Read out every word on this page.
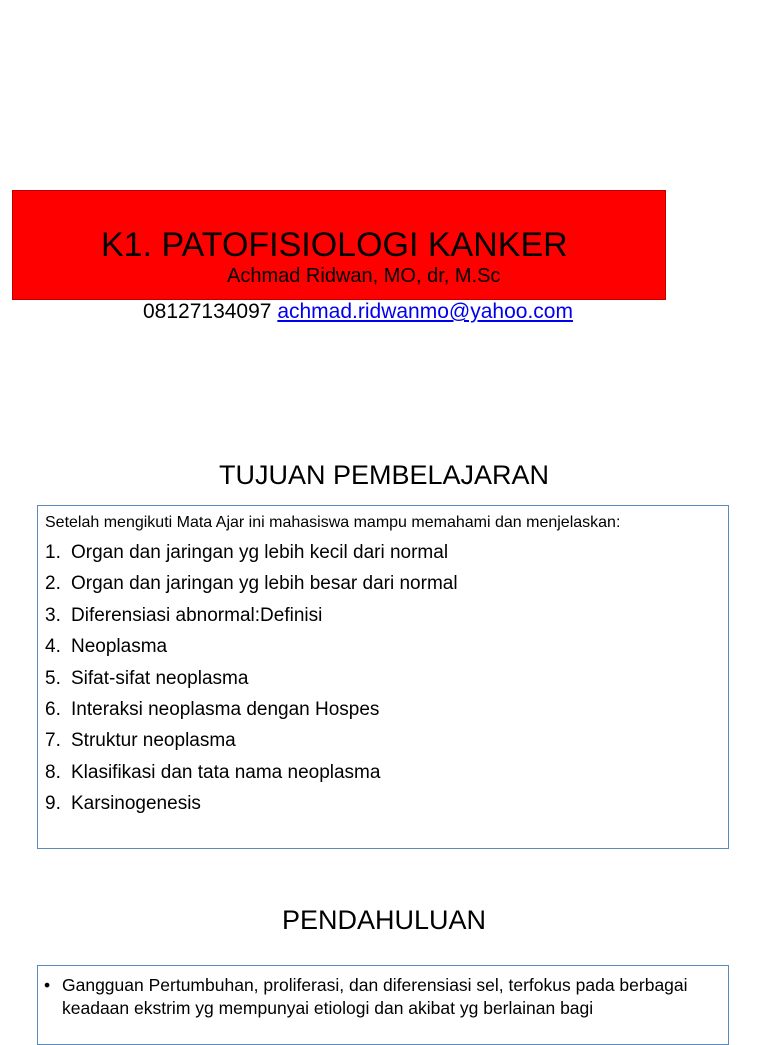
K1. PATOFISIOLOGI KANKER
Achmad Ridwan, MO, dr, M.Sc
08127134097 achmad.ridwanmo@yahoo.com
TUJUAN PEMBELAJARAN
Setelah mengikuti Mata Ajar ini mahasiswa mampu memahami dan menjelaskan:
1. Organ dan jaringan yg lebih kecil dari normal
2. Organ dan jaringan yg lebih besar dari normal
3. Diferensiasi abnormal:Definisi
4. Neoplasma
5. Sifat-sifat neoplasma
6. Interaksi neoplasma dengan Hospes
7. Struktur neoplasma
8. Klasifikasi dan tata nama neoplasma
9. Karsinogenesis
PENDAHULUAN
• Gangguan Pertumbuhan, proliferasi, dan diferensiasi sel, terfokus pada berbagai keadaan ekstrim yg mempunyai etiologi dan akibat yg berlainan bagi
